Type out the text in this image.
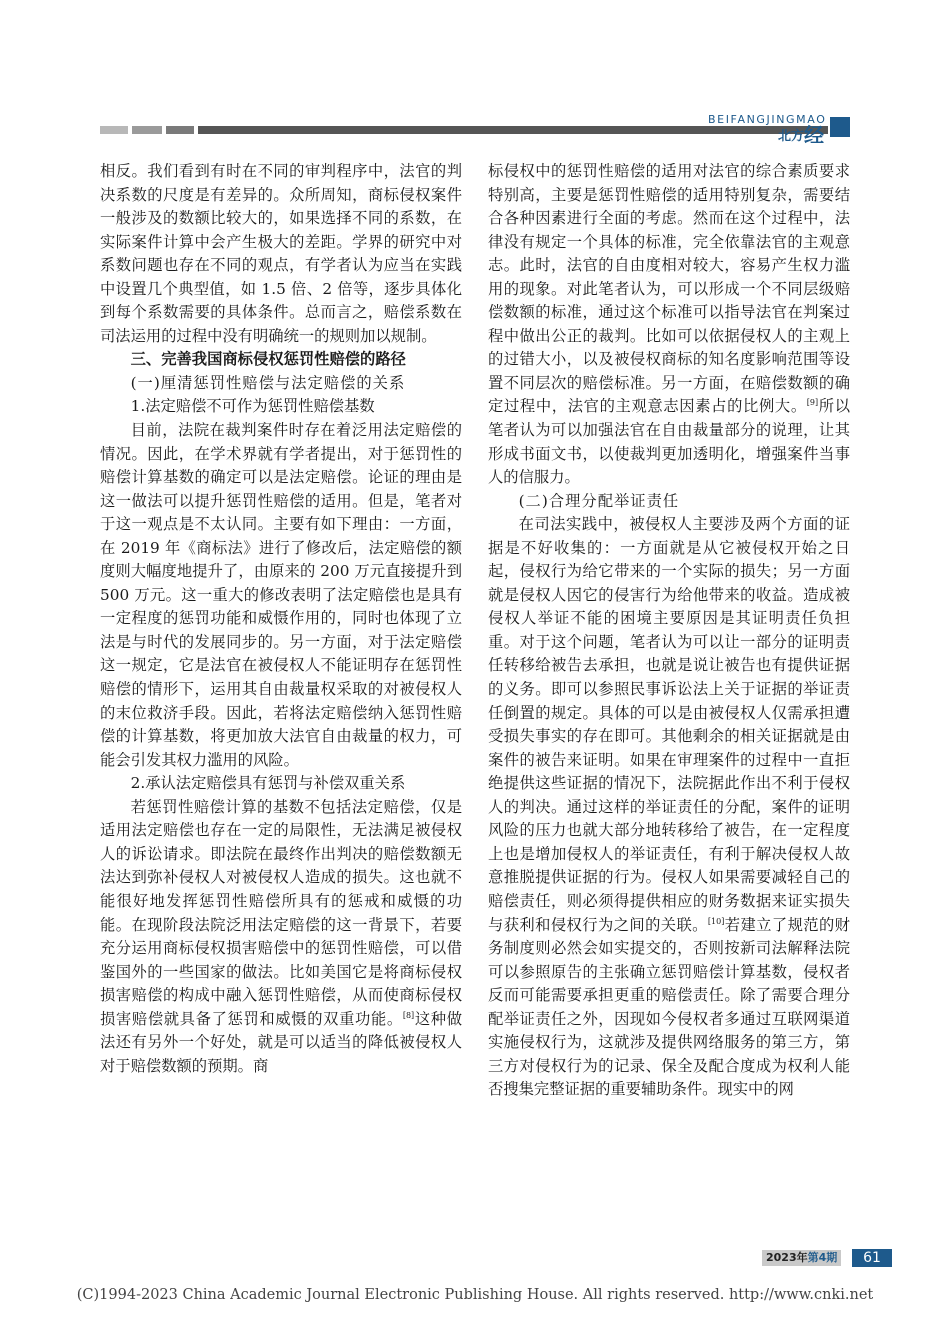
BEIFANGJINGMAO
北方经

相反。我们看到有时在不同的审判程序中，法官的判决系数的尺度是有差异的。众所周知，商标侵权案件一般涉及的数额比较大的，如果选择不同的系数，在实际案件计算中会产生极大的差距。学界的研究中对系数问题也存在不同的观点，有学者认为应当在实践中设置几个典型值，如 1.5 倍、2 倍等，逐步具体化到每个系数需要的具体条件。总而言之，赔偿系数在司法运用的过程中没有明确统一的规则加以规制。

三、完善我国商标侵权惩罚性赔偿的路径

(一)厘清惩罚性赔偿与法定赔偿的关系

1.法定赔偿不可作为惩罚性赔偿基数

目前，法院在裁判案件时存在着泛用法定赔偿的情况。因此，在学术界就有学者提出，对于惩罚性的赔偿计算基数的确定可以是法定赔偿。论证的理由是这一做法可以提升惩罚性赔偿的适用。但是，笔者对于这一观点是不太认同。主要有如下理由：一方面，在 2019 年《商标法》进行了修改后，法定赔偿的额度则大幅度地提升了，由原来的 200 万元直接提升到 500 万元。这一重大的修改表明了法定赔偿也是具有一定程度的惩罚功能和威慑作用的，同时也体现了立法是与时代的发展同步的。另一方面，对于法定赔偿这一规定，它是法官在被侵权人不能证明存在惩罚性赔偿的情形下，运用其自由裁量权采取的对被侵权人的末位救济手段。因此，若将法定赔偿纳入惩罚性赔偿的计算基数，将更加放大法官自由裁量的权力，可能会引发其权力滥用的风险。

2.承认法定赔偿具有惩罚与补偿双重关系

若惩罚性赔偿计算的基数不包括法定赔偿，仅是适用法定赔偿也存在一定的局限性，无法满足被侵权人的诉讼请求。即法院在最终作出判决的赔偿数额无法达到弥补侵权人对被侵权人造成的损失。这也就不能很好地发挥惩罚性赔偿所具有的惩戒和威慑的功能。在现阶段法院泛用法定赔偿的这一背景下，若要充分运用商标侵权损害赔偿中的惩罚性赔偿，可以借鉴国外的一些国家的做法。比如美国它是将商标侵权损害赔偿的构成中融入惩罚性赔偿，从而使商标侵权损害赔偿就具备了惩罚和威慑的双重功能。[8]这种做法还有另外一个好处，就是可以适当的降低被侵权人对于赔偿数额的预期。商

标侵权中的惩罚性赔偿的适用对法官的综合素质要求特别高，主要是惩罚性赔偿的适用特别复杂，需要结合各种因素进行全面的考虑。然而在这个过程中，法律没有规定一个具体的标准，完全依靠法官的主观意志。此时，法官的自由度相对较大，容易产生权力滥用的现象。对此笔者认为，可以形成一个不同层级赔偿数额的标准，通过这个标准可以指导法官在判案过程中做出公正的裁判。比如可以依据侵权人的主观上的过错大小，以及被侵权商标的知名度影响范围等设置不同层次的赔偿标准。另一方面，在赔偿数额的确定过程中，法官的主观意志因素占的比例大。[9]所以笔者认为可以加强法官在自由裁量部分的说理，让其形成书面文书，以使裁判更加透明化，增强案件当事人的信服力。

(二)合理分配举证责任

在司法实践中，被侵权人主要涉及两个方面的证据是不好收集的：一方面就是从它被侵权开始之日起，侵权行为给它带来的一个实际的损失；另一方面就是侵权人因它的侵害行为给他带来的收益。造成被侵权人举证不能的困境主要原因是其证明责任负担重。对于这个问题，笔者认为可以让一部分的证明责任转移给被告去承担，也就是说让被告也有提供证据的义务。即可以参照民事诉讼法上关于证据的举证责任倒置的规定。具体的可以是由被侵权人仅需承担遭受损失事实的存在即可。其他剩余的相关证据就是由案件的被告来证明。如果在审理案件的过程中一直拒绝提供这些证据的情况下，法院据此作出不利于侵权人的判决。通过这样的举证责任的分配，案件的证明风险的压力也就大部分地转移给了被告，在一定程度上也是增加侵权人的举证责任，有利于解决侵权人故意推脱提供证据的行为。侵权人如果需要减轻自己的赔偿责任，则必须得提供相应的财务数据来证实损失与获利和侵权行为之间的关联。[10]若建立了规范的财务制度则必然会如实提交的，否则按新司法解释法院可以参照原告的主张确立惩罚赔偿计算基数，侵权者反而可能需要承担更重的赔偿责任。除了需要合理分配举证责任之外，因现如今侵权者多通过互联网渠道实施侵权行为，这就涉及提供网络服务的第三方，第三方对侵权行为的记录、保全及配合度成为权利人能否搜集完整证据的重要辅助条件。现实中的网

2023年第4期	61
(C)1994-2023 China Academic Journal Electronic Publishing House. All rights reserved. http://www.cnki.net
